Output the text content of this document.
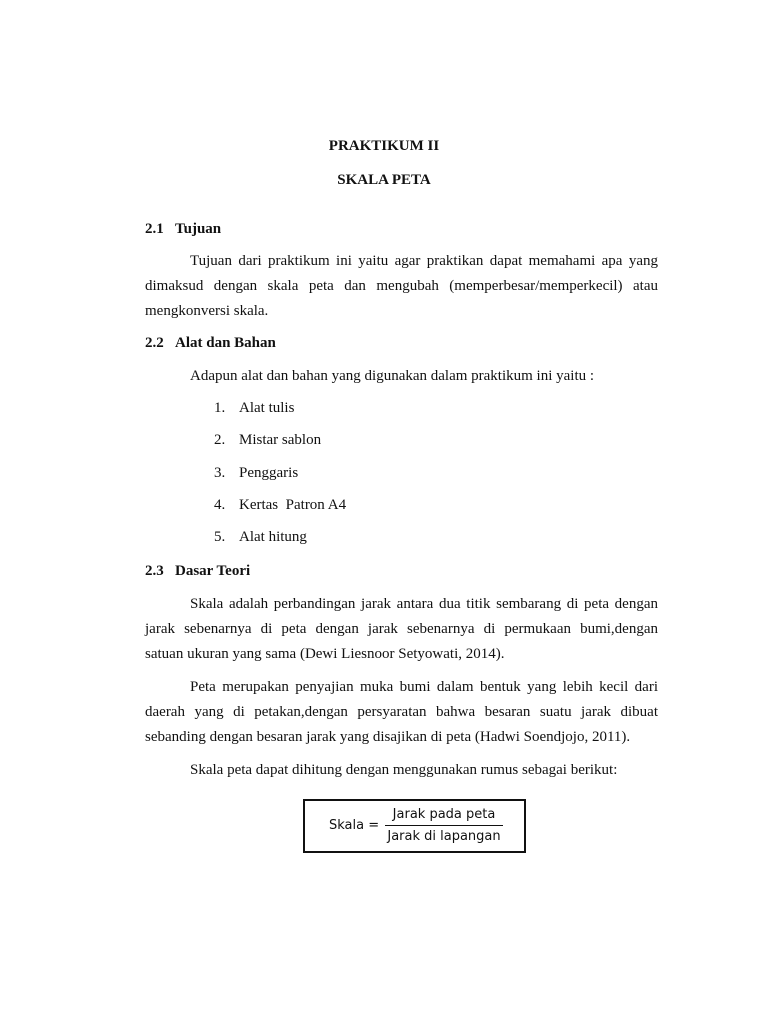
PRAKTIKUM II
SKALA PETA
2.1 Tujuan
Tujuan dari praktikum ini yaitu agar praktikan dapat memahami apa yang
dimaksud dengan skala peta dan mengubah (memperbesar/memperkecil) atau
mengkonversi skala.
2.2 Alat dan Bahan
Adapun alat dan bahan yang digunakan dalam praktikum ini yaitu :
1. Alat tulis
2. Mistar sablon
3. Penggaris
4. Kertas  Patron A4
5. Alat hitung
2.3 Dasar Teori
Skala adalah perbandingan jarak antara dua titik sembarang di peta dengan
jarak sebenarnya di peta dengan jarak sebenarnya di permukaan bumi,dengan
satuan ukuran yang sama (Dewi Liesnoor Setyowati, 2014).
Peta merupakan penyajian muka bumi dalam bentuk yang lebih kecil dari
daerah yang di petakan,dengan persyaratan bahwa besaran suatu jarak dibuat
sebanding dengan besaran jarak yang disajikan di peta (Hadwi Soendjojo, 2011).
Skala peta dapat dihitung dengan menggunakan rumus sebagai berikut:
Skala =
Jarak pada peta
Jarak di lapangan
